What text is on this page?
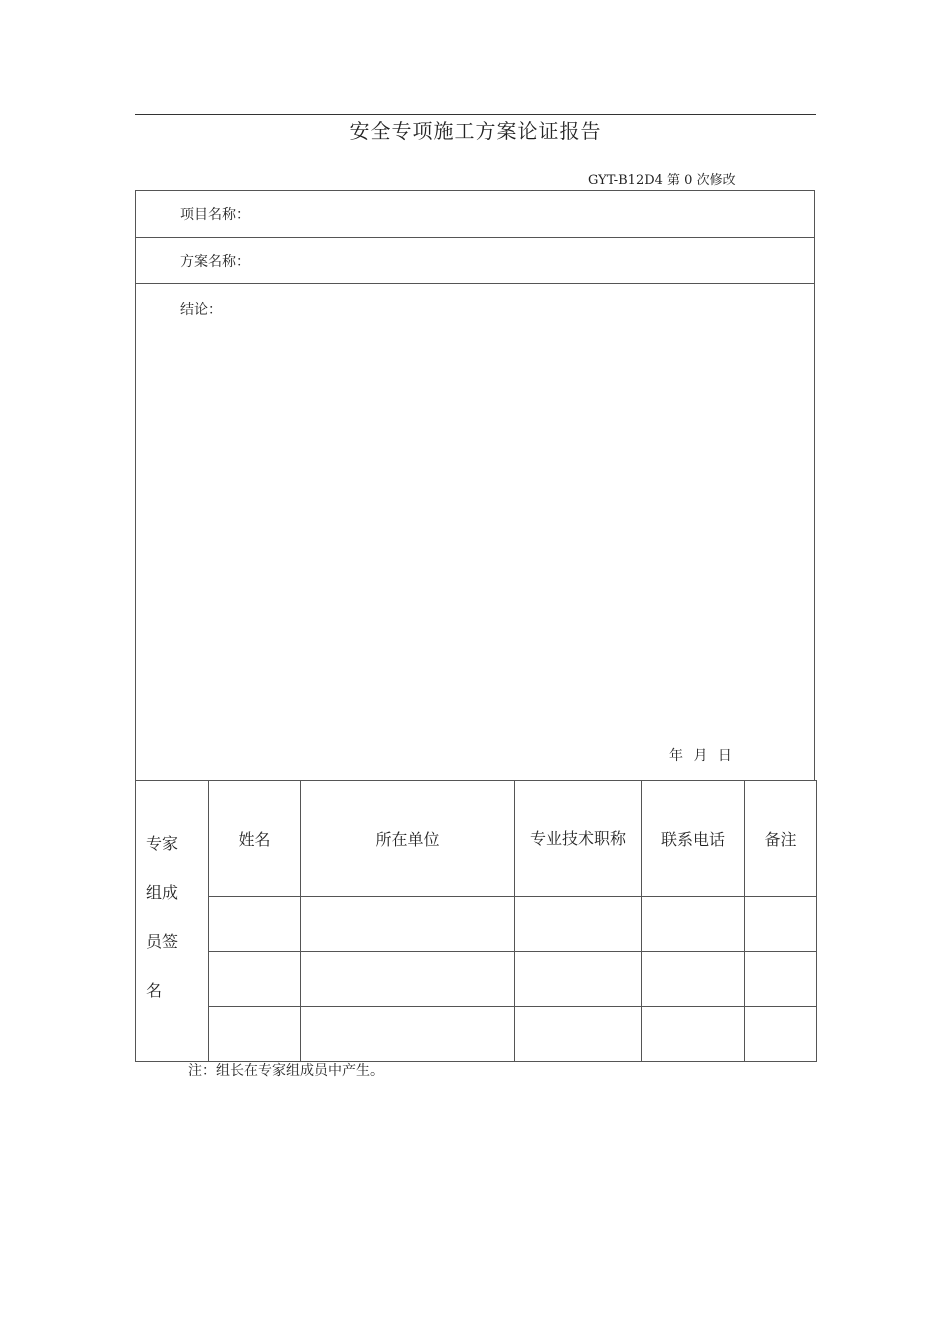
安全专项施工方案论证报告
GYT-B12D4 第 0 次修改
项目名称：
方案名称：
结论：
年 月 日
专家组成员签名	姓名	所在单位	专业技术职称	联系电话	备注

注：组长在专家组成员中产生。
